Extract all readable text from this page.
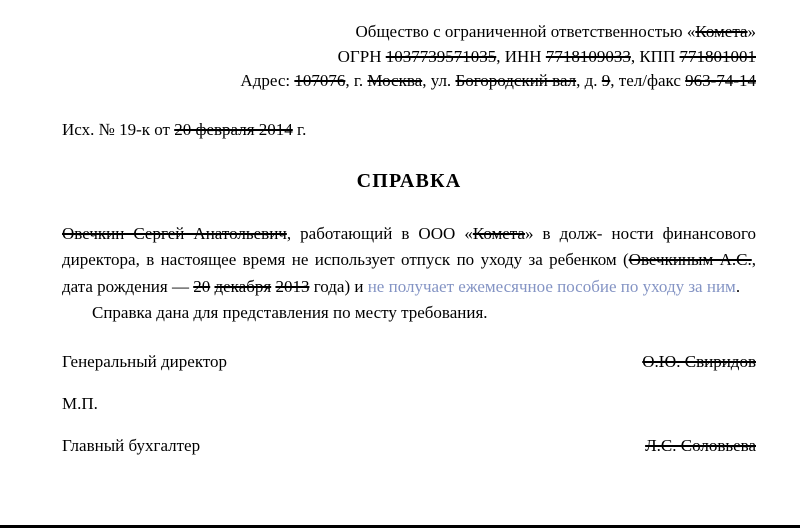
Общество с ограниченной ответственностью «Комета»
ОГРН 1037739571035, ИНН 7718109033, КПП 771801001
Адрес: 107076, г. Москва, ул. Богородский вал, д. 9, тел/факс 963-74-14
Исх. № 19-к от 20 февраля 2014 г.
СПРАВКА

Овечкин Сергей Анатольевич, работающий в ООО «Комета» в долж- ности финансового директора, в настоящее время не использует отпуск по уходу за ребенком (Овечкиным А.С., дата рождения — 20 декабря 2013 года) и не получает ежемесячное пособие по уходу за ним.

Справка дана для представления по месту требования.

Генеральный директор	О.Ю. Свиридов
М.П.
Главный бухгалтер	Л.С. Соловьева
